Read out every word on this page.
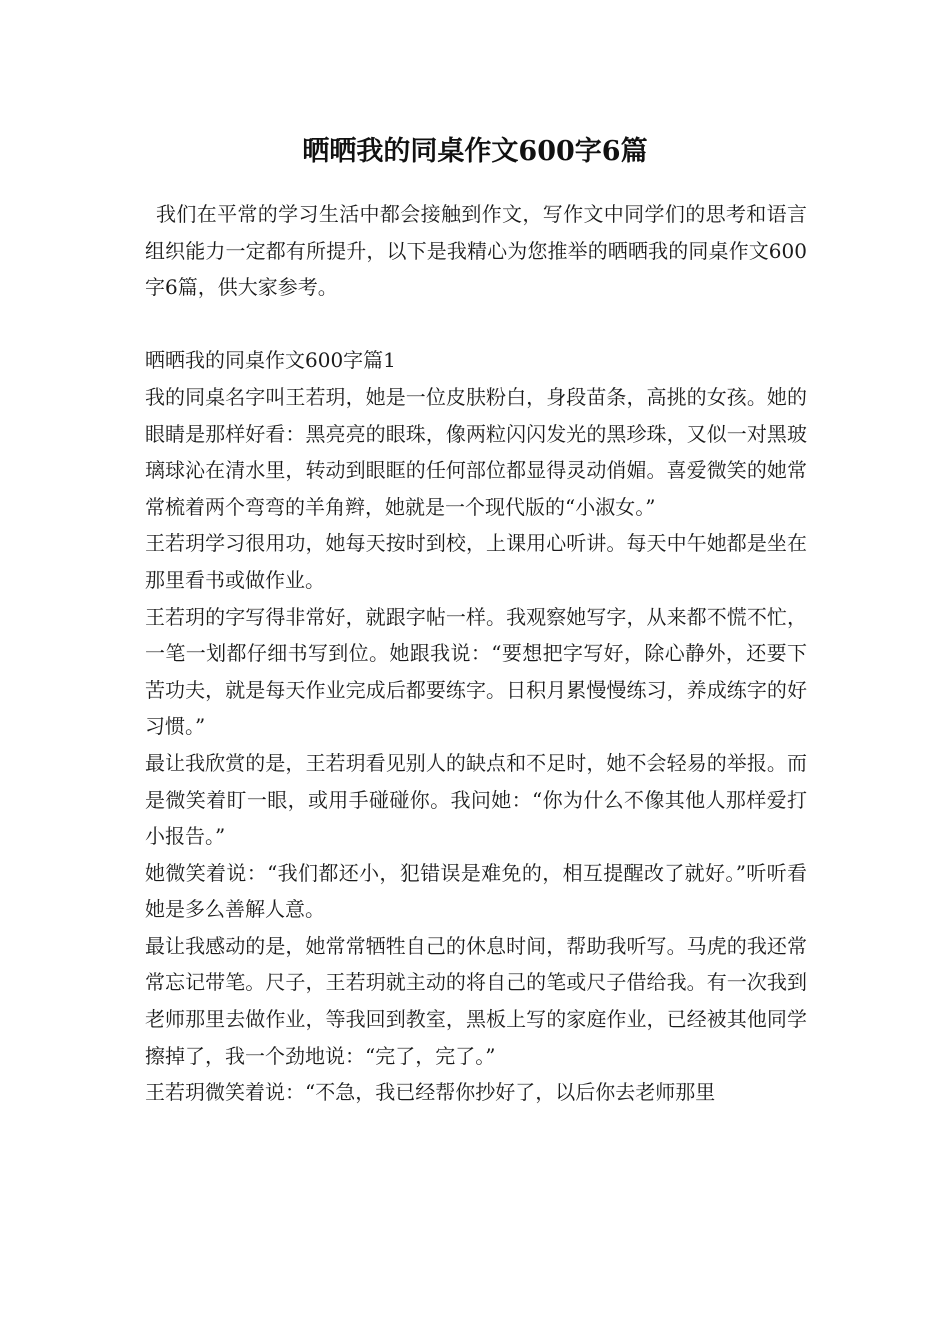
晒晒我的同桌作文600字6篇

我们在平常的学习生活中都会接触到作文，写作文中同学们的思考和语言组织能力一定都有所提升，以下是我精心为您推举的晒晒我的同桌作文600字6篇，供大家参考。

晒晒我的同桌作文600字篇1

我的同桌名字叫王若玥，她是一位皮肤粉白，身段苗条，高挑的女孩。她的眼睛是那样好看：黑亮亮的眼珠，像两粒闪闪发光的黑珍珠，又似一对黑玻璃球沁在清水里，转动到眼眶的任何部位都显得灵动俏媚。喜爱微笑的她常常梳着两个弯弯的羊角辫，她就是一个现代版的“小淑女。”

王若玥学习很用功，她每天按时到校，上课用心听讲。每天中午她都是坐在那里看书或做作业。

王若玥的字写得非常好，就跟字帖一样。我观察她写字，从来都不慌不忙，一笔一划都仔细书写到位。她跟我说：“要想把字写好，除心静外，还要下苦功夫，就是每天作业完成后都要练字。日积月累慢慢练习，养成练字的好习惯。”

最让我欣赏的是，王若玥看见别人的缺点和不足时，她不会轻易的举报。而是微笑着盯一眼，或用手碰碰你。我问她：“你为什么不像其他人那样爱打小报告。”

她微笑着说：“我们都还小，犯错误是难免的，相互提醒改了就好。”听听看她是多么善解人意。

最让我感动的是，她常常牺牲自己的休息时间，帮助我听写。马虎的我还常常忘记带笔。尺子，王若玥就主动的将自己的笔或尺子借给我。有一次我到老师那里去做作业，等我回到教室，黑板上写的家庭作业，已经被其他同学擦掉了，我一个劲地说：“完了，完了。”

王若玥微笑着说：“不急，我已经帮你抄好了，以后你去老师那里
